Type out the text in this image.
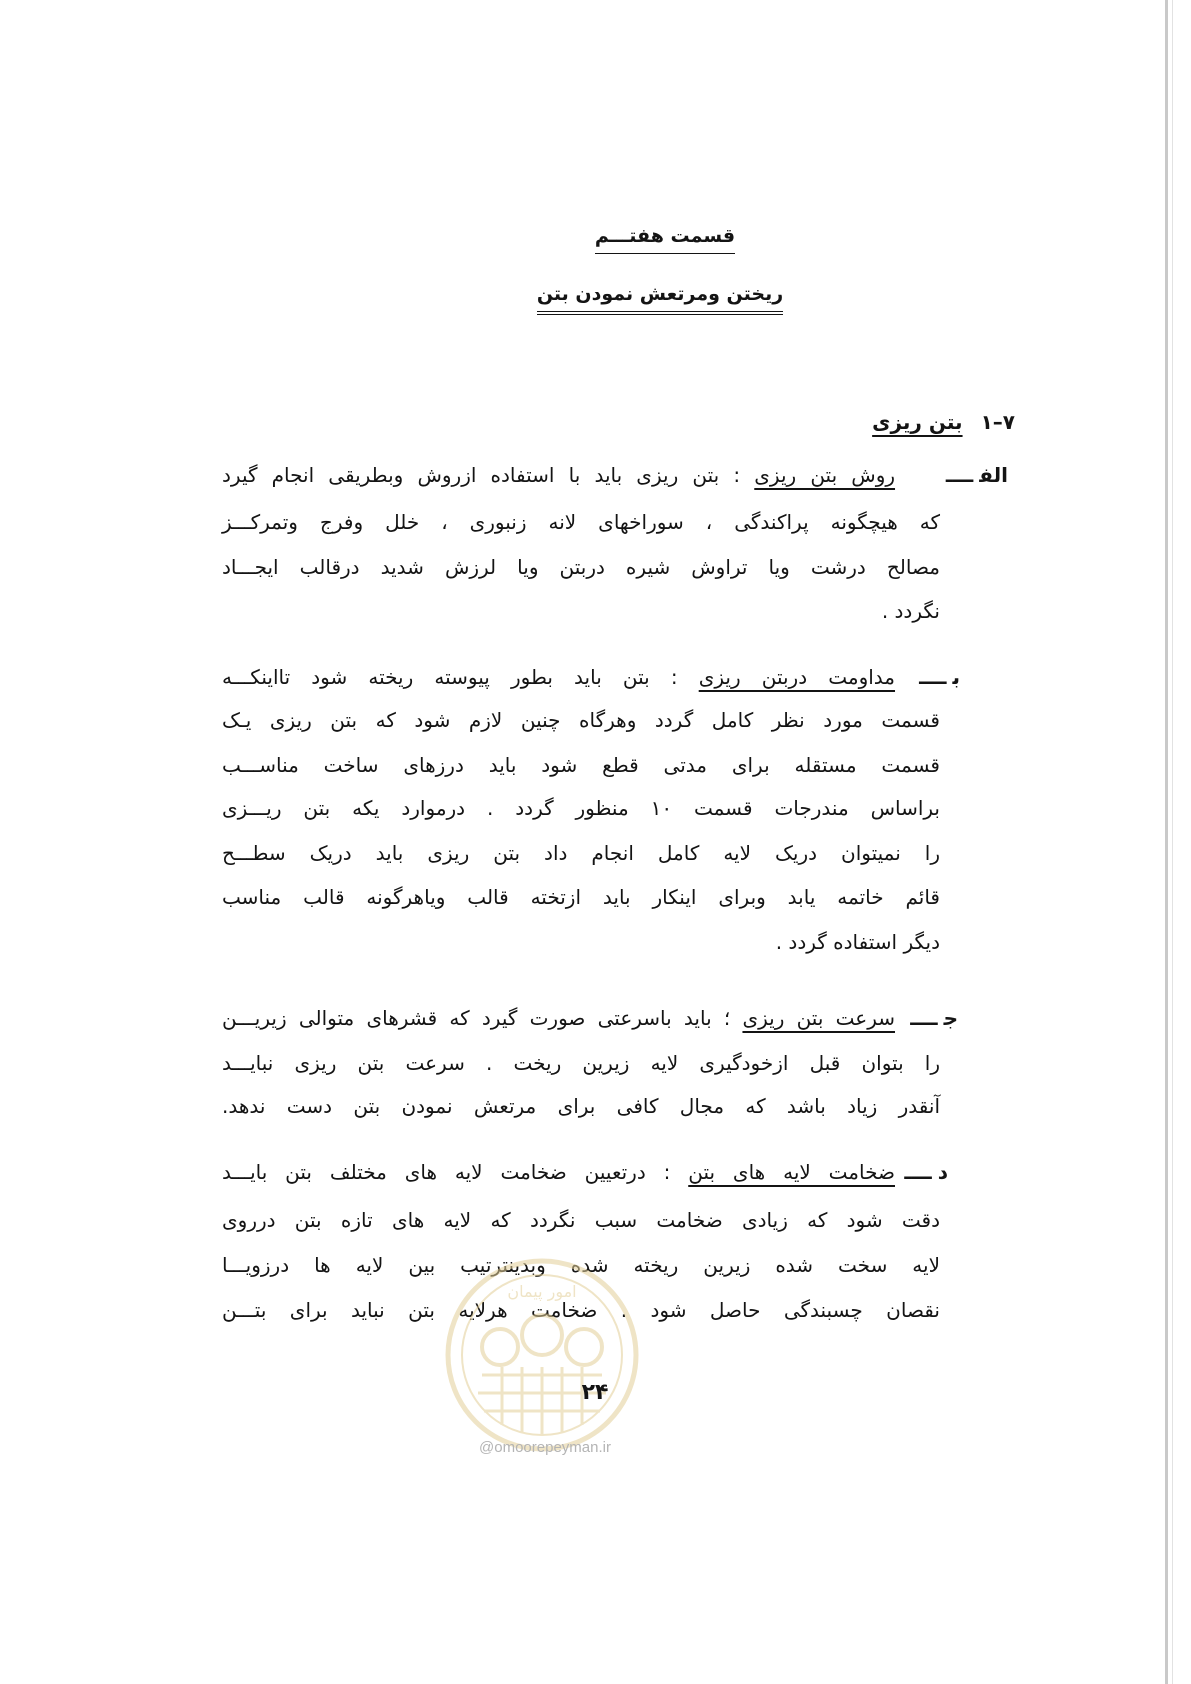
قسمت هفتـــم
ریختن ومرتعش نمودن بتن
۷–۱بتن ریزی
الفــــ
روش بتن ریزی : بتن ریزی باید با استفاده ازروش وبطریقی انجام گیرد
که هیچگونه پراکندگی ، سوراخهای لانه زنبوری ، خلل وفرج وتمرکـــز
مصالح درشت ویا تراوش شیره دربتن ویا لرزش شدید درقالب ایجـــاد
نگردد .
بــــ
مداومت دربتن ریزی : بتن باید بطور پیوسته ریخته شود تااینکـــه
قسمت مورد نظر کامل گردد وهرگاه چنین لازم شود که بتن ریزی یـک
قسمت مستقله برای مدتی قطع شود باید درزهای ساخت مناســـب
براساس مندرجات قسمت ۱۰ منظور گردد . درموارد یکه بتن ریـــزی
را نمیتوان دریک لایه کامل انجام داد بتن ریزی باید دریک سطـــح
قائم خاتمه یابد وبرای اینکار باید ازتخته قالب ویاهرگونه قالب مناسب
دیگر استفاده گردد .
جــــ
سرعت بتن ریزی ؛ باید باسرعتی صورت گیرد که قشرهای متوالی زیریـــن
را بتوان قبل ازخودگیری لایه زیرین ریخت . سرعت بتن ریزی نبایـــد
آنقدر زیاد باشد که مجال کافی برای مرتعش نمودن بتن دست ندهد.
دــــ
ضخامت لایه های بتن : درتعیین ضخامت لایه های مختلف بتن بایـــد
دقت شود که زیادی ضخامت سبب نگردد که لایه های تازه بتن درروی
لایه سخت شده زیرین ریخته شده وبدینترتیب بین لایه ها درزویـــا
نقصان چسبندگی حاصل شود . ضخامت هرلایه بتن نباید برای بتـــن
امور پیمان
۲۴
@omoorepeyman.ir
